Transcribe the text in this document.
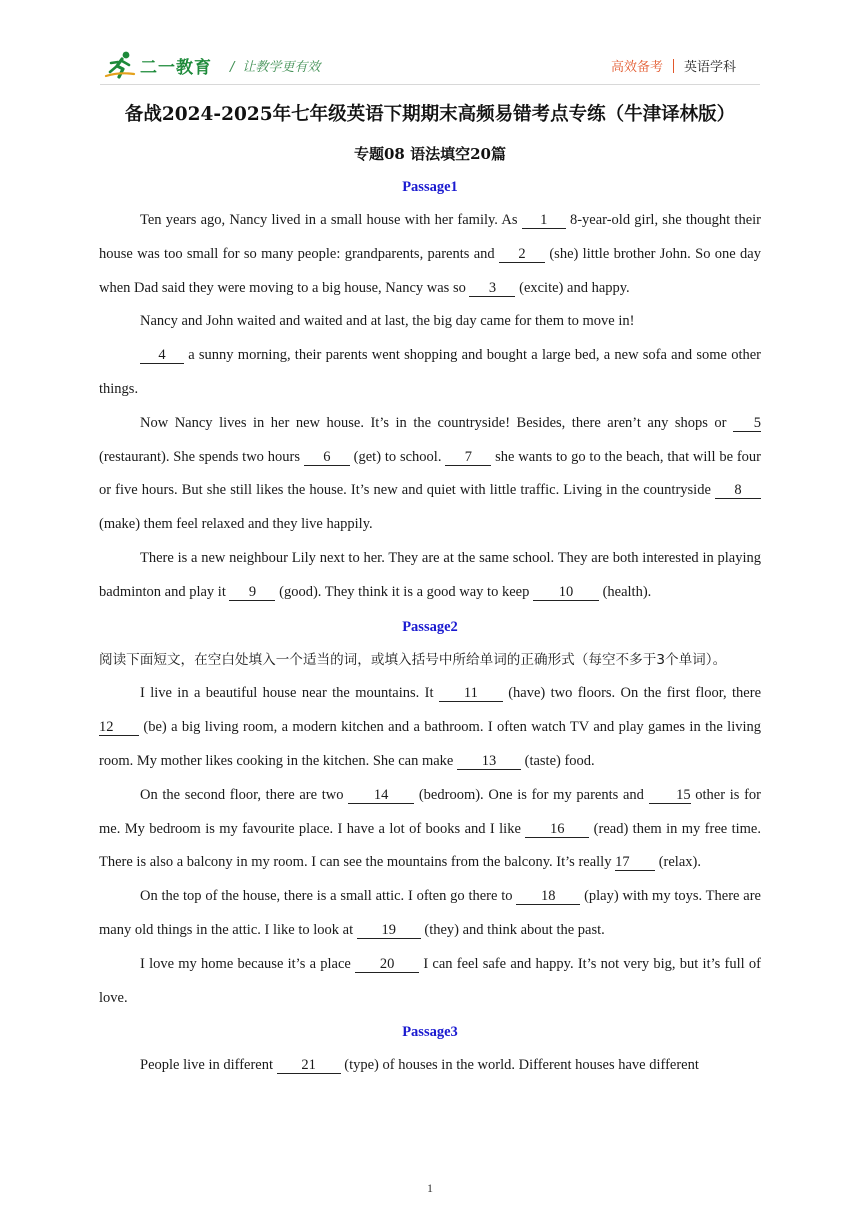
二一教育 / 让教学更有效	高效备考 英语学科
备战2024-2025年七年级英语下期期末高频易错考点专练（牛津译林版）
专题08 语法填空20篇
Passage1

Ten years ago, Nancy lived in a small house with her family. As 1 8-year-old girl, she thought their house was too small for so many people: grandparents, parents and 2 (she) little brother John. So one day when Dad said they were moving to a big house, Nancy was so 3 (excite) and happy.

Nancy and John waited and waited and at last, the big day came for them to move in!

4 a sunny morning, their parents went shopping and bought a large bed, a new sofa and some other things.

Now Nancy lives in her new house. It’s in the countryside! Besides, there aren’t any shops or 5 (restaurant). She spends two hours 6 (get) to school. 7 she wants to go to the beach, that will be four or five hours. But she still likes the house. It’s new and quiet with little traffic. Living in the countryside 8 (make) them feel relaxed and they live happily.

There is a new neighbour Lily next to her. They are at the same school. They are both interested in playing badminton and play it 9 (good). They think it is a good way to keep 10 (health).

Passage2

阅读下面短文，在空白处填入一个适当的词，或填入括号中所给单词的正确形式（每空不多于3个单词）。

I live in a beautiful house near the mountains. It 11 (have) two floors. On the first floor, there 12 (be) a big living room, a modern kitchen and a bathroom. I often watch TV and play games in the living room. My mother likes cooking in the kitchen. She can make 13 (taste) food.

On the second floor, there are two 14 (bedroom). One is for my parents and 15 other is for me. My bedroom is my favourite place. I have a lot of books and I like 16 (read) them in my free time. There is also a balcony in my room. I can see the mountains from the balcony. It’s really 17 (relax).

On the top of the house, there is a small attic. I often go there to 18 (play) with my toys. There are many old things in the attic. I like to look at 19 (they) and think about the past.

I love my home because it’s a place 20 I can feel safe and happy. It’s not very big, but it’s full of love.

Passage3

People live in different 21 (type) of houses in the world. Different houses have different

1
